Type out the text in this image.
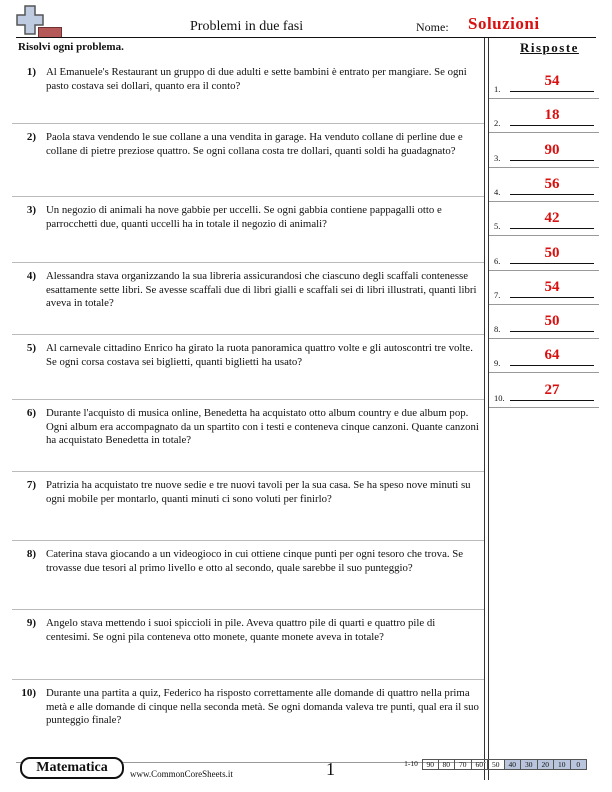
Problemi in due fasi	Nome: Soluzioni
Risolvi ogni problema.	Risposte
1) Al Emanuele's Restaurant un gruppo di due adulti e sette bambini è entrato per mangiare. Se ogni pasto costava sei dollari, quanto era il conto?
2) Paola stava vendendo le sue collane a una vendita in garage. Ha venduto collane di perline due e collane di pietre preziose quattro. Se ogni collana costa tre dollari, quanti soldi ha guadagnato?
3) Un negozio di animali ha nove gabbie per uccelli. Se ogni gabbia contiene pappagalli otto e parrocchetti due, quanti uccelli ha in totale il negozio di animali?
4) Alessandra stava organizzando la sua libreria assicurandosi che ciascuno degli scaffali contenesse esattamente sette libri. Se avesse scaffali due di libri gialli e scaffali sei di libri illustrati, quanti libri aveva in totale?
5) Al carnevale cittadino Enrico ha girato la ruota panoramica quattro volte e gli autoscontri tre volte. Se ogni corsa costava sei biglietti, quanti biglietti ha usato?
6) Durante l'acquisto di musica online, Benedetta ha acquistato otto album country e due album pop. Ogni album era accompagnato da un spartito con i testi e conteneva cinque canzoni. Quante canzoni ha acquistato Benedetta in totale?
7) Patrizia ha acquistato tre nuove sedie e tre nuovi tavoli per la sua casa. Se ha speso nove minuti su ogni mobile per montarlo, quanti minuti ci sono voluti per finirlo?
8) Caterina stava giocando a un videogioco in cui ottiene cinque punti per ogni tesoro che trova. Se trovasse due tesori al primo livello e otto al secondo, quale sarebbe il suo punteggio?
9) Angelo stava mettendo i suoi spiccioli in pile. Aveva quattro pile di quarti e quattro pile di centesimi. Se ogni pila conteneva otto monete, quante monete aveva in totale?
10) Durante una partita a quiz, Federico ha risposto correttamente alle domande di quattro nella prima metà e alle domande di cinque nella seconda metà. Se ogni domanda valeva tre punti, qual era il suo punteggio finale?
1.	54
2.	18
3.	90
4.	56
5.	42
6.	50
7.	54
8.	50
9.	64
10.	27
Matematica	www.CommonCoreSheets.it	1	1-10	90	80	70	60	50	40	30	20	10	0
